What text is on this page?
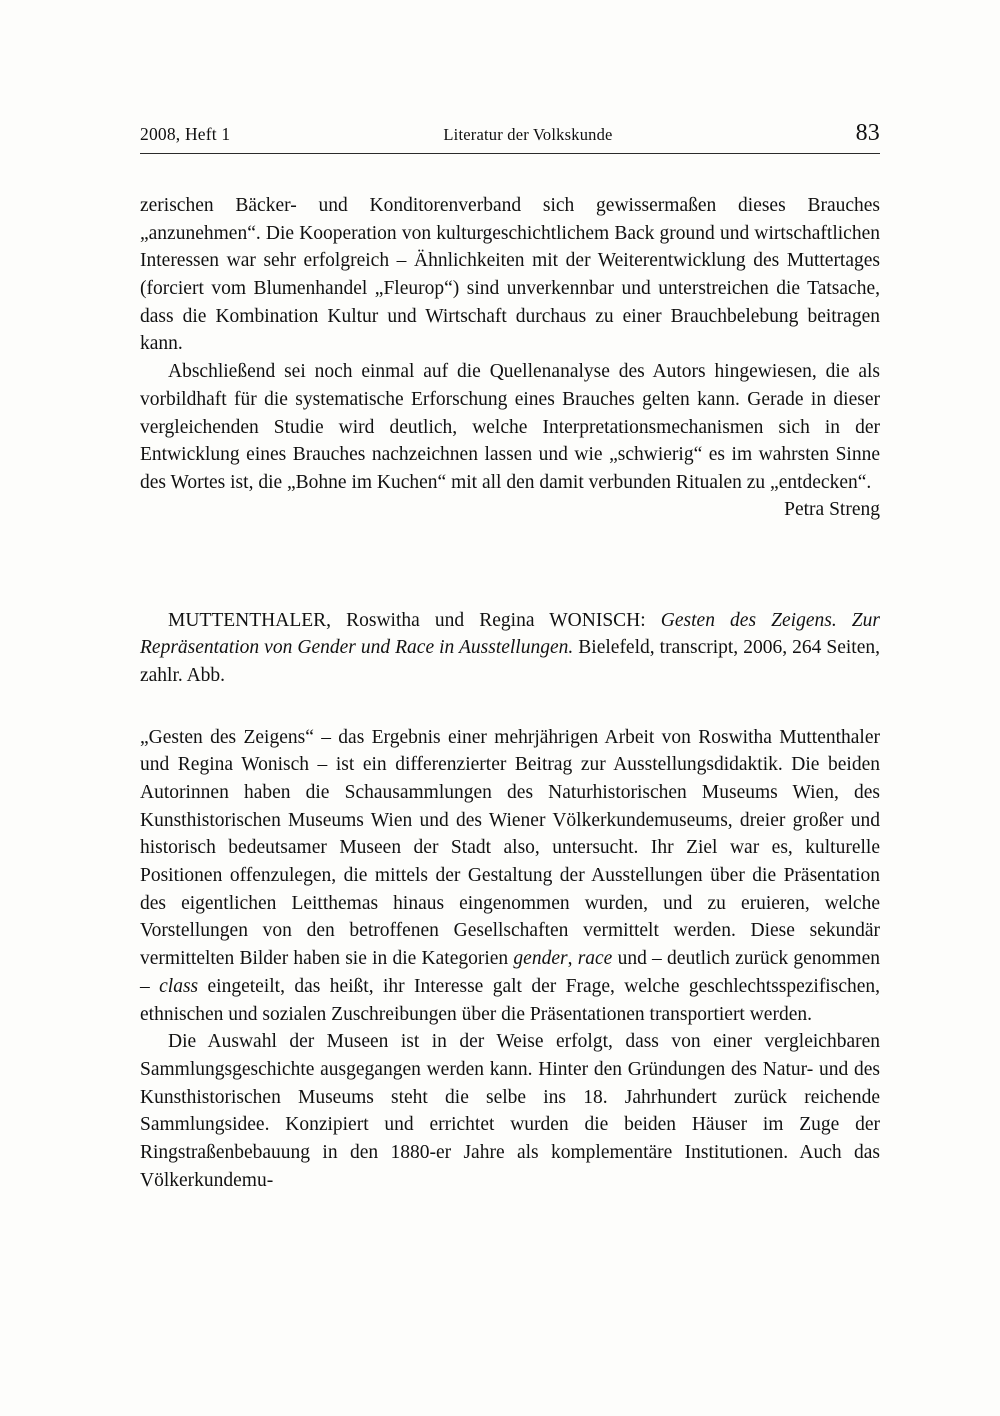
2008, Heft 1	Literatur der Volkskunde	83

zerischen Bäcker- und Konditorenverband sich gewissermaßen dieses Brauches „anzunehmen“. Die Kooperation von kulturgeschichtlichem Back ground und wirtschaftlichen Interessen war sehr erfolgreich – Ähnlichkeiten mit der Weiterentwicklung des Muttertages (forciert vom Blumenhandel „Fleurop“) sind unverkennbar und unterstreichen die Tatsache, dass die Kombination Kultur und Wirtschaft durchaus zu einer Brauchbelebung beitragen kann.

Abschließend sei noch einmal auf die Quellenanalyse des Autors hingewiesen, die als vorbildhaft für die systematische Erforschung eines Brauches gelten kann. Gerade in dieser vergleichenden Studie wird deutlich, welche Interpretationsmechanismen sich in der Entwicklung eines Brauches nachzeichnen lassen und wie „schwierig“ es im wahrsten Sinne des Wortes ist, die „Bohne im Kuchen“ mit all den damit verbunden Ritualen zu „entdecken“.

Petra Streng

MUTTENTHALER, Roswitha und Regina WONISCH: Gesten des Zeigens. Zur Repräsentation von Gender und Race in Ausstellungen. Bielefeld, transcript, 2006, 264 Seiten, zahlr. Abb.

„Gesten des Zeigens“ – das Ergebnis einer mehrjährigen Arbeit von Roswitha Muttenthaler und Regina Wonisch – ist ein differenzierter Beitrag zur Ausstellungsdidaktik. Die beiden Autorinnen haben die Schausammlungen des Naturhistorischen Museums Wien, des Kunsthistorischen Museums Wien und des Wiener Völkerkundemuseums, dreier großer und historisch bedeutsamer Museen der Stadt also, untersucht. Ihr Ziel war es, kulturelle Positionen offenzulegen, die mittels der Gestaltung der Ausstellungen über die Präsentation des eigentlichen Leitthemas hinaus eingenommen wurden, und zu eruieren, welche Vorstellungen von den betroffenen Gesellschaften vermittelt werden. Diese sekundär vermittelten Bilder haben sie in die Kategorien gender, race und – deutlich zurück genommen – class eingeteilt, das heißt, ihr Interesse galt der Frage, welche geschlechtsspezifischen, ethnischen und sozialen Zuschreibungen über die Präsentationen transportiert werden.

Die Auswahl der Museen ist in der Weise erfolgt, dass von einer vergleichbaren Sammlungsgeschichte ausgegangen werden kann. Hinter den Gründungen des Natur- und des Kunsthistorischen Museums steht die selbe ins 18. Jahrhundert zurück reichende Sammlungsidee. Konzipiert und errichtet wurden die beiden Häuser im Zuge der Ringstraßenbebauung in den 1880-er Jahre als komplementäre Institutionen. Auch das Völkerkundemu-
